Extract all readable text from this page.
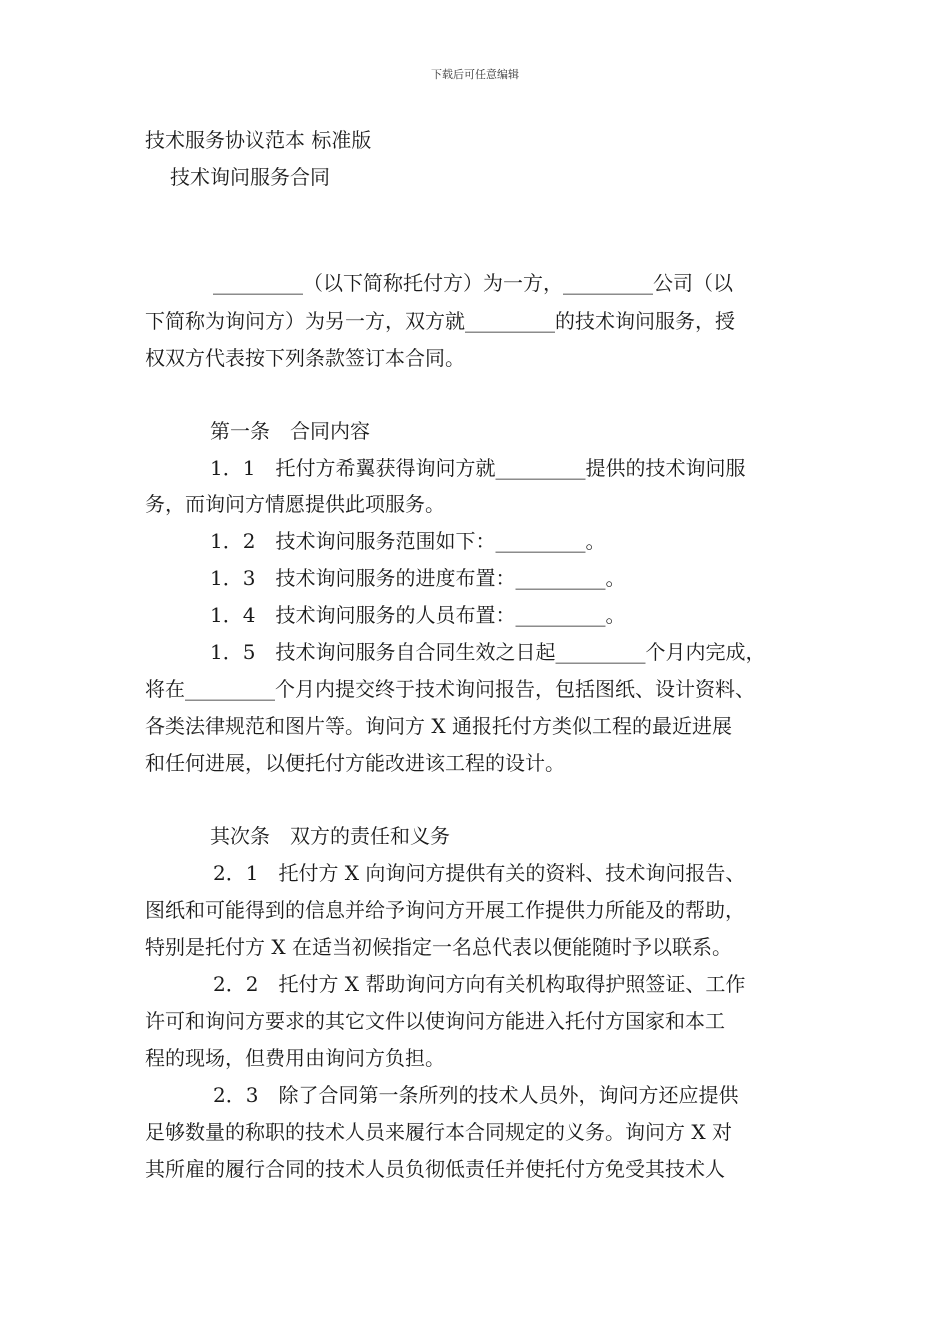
下载后可任意编辑
技术服务协议范本 标准版
技术询问服务合同
_________（以下简称托付方）为一方，_________公司（以
下简称为询问方）为另一方，双方就_________的技术询问服务，授
权双方代表按下列条款签订本合同。
第一条　合同内容
1．1　托付方希翼获得询问方就_________提供的技术询问服
务，而询问方情愿提供此项服务。
1．2　技术询问服务范围如下：_________。
1．3　技术询问服务的进度布置：_________。
1．4　技术询问服务的人员布置：_________。
1．5　技术询问服务自合同生效之日起_________个月内完成，
将在_________个月内提交终于技术询问报告，包括图纸、设计资料、
各类法律规范和图片等。询问方 X 通报托付方类似工程的最近进展
和任何进展，以便托付方能改进该工程的设计。
其次条　双方的责任和义务
2．1　托付方 X 向询问方提供有关的资料、技术询问报告、
图纸和可能得到的信息并给予询问方开展工作提供力所能及的帮助，
特别是托付方 X 在适当初候指定一名总代表以便能随时予以联系。
2．2　托付方 X 帮助询问方向有关机构取得护照签证、工作
许可和询问方要求的其它文件以使询问方能进入托付方国家和本工
程的现场，但费用由询问方负担。
2．3　除了合同第一条所列的技术人员外，询问方还应提供
足够数量的称职的技术人员来履行本合同规定的义务。询问方 X 对
其所雇的履行合同的技术人员负彻低责任并使托付方免受其技术人
